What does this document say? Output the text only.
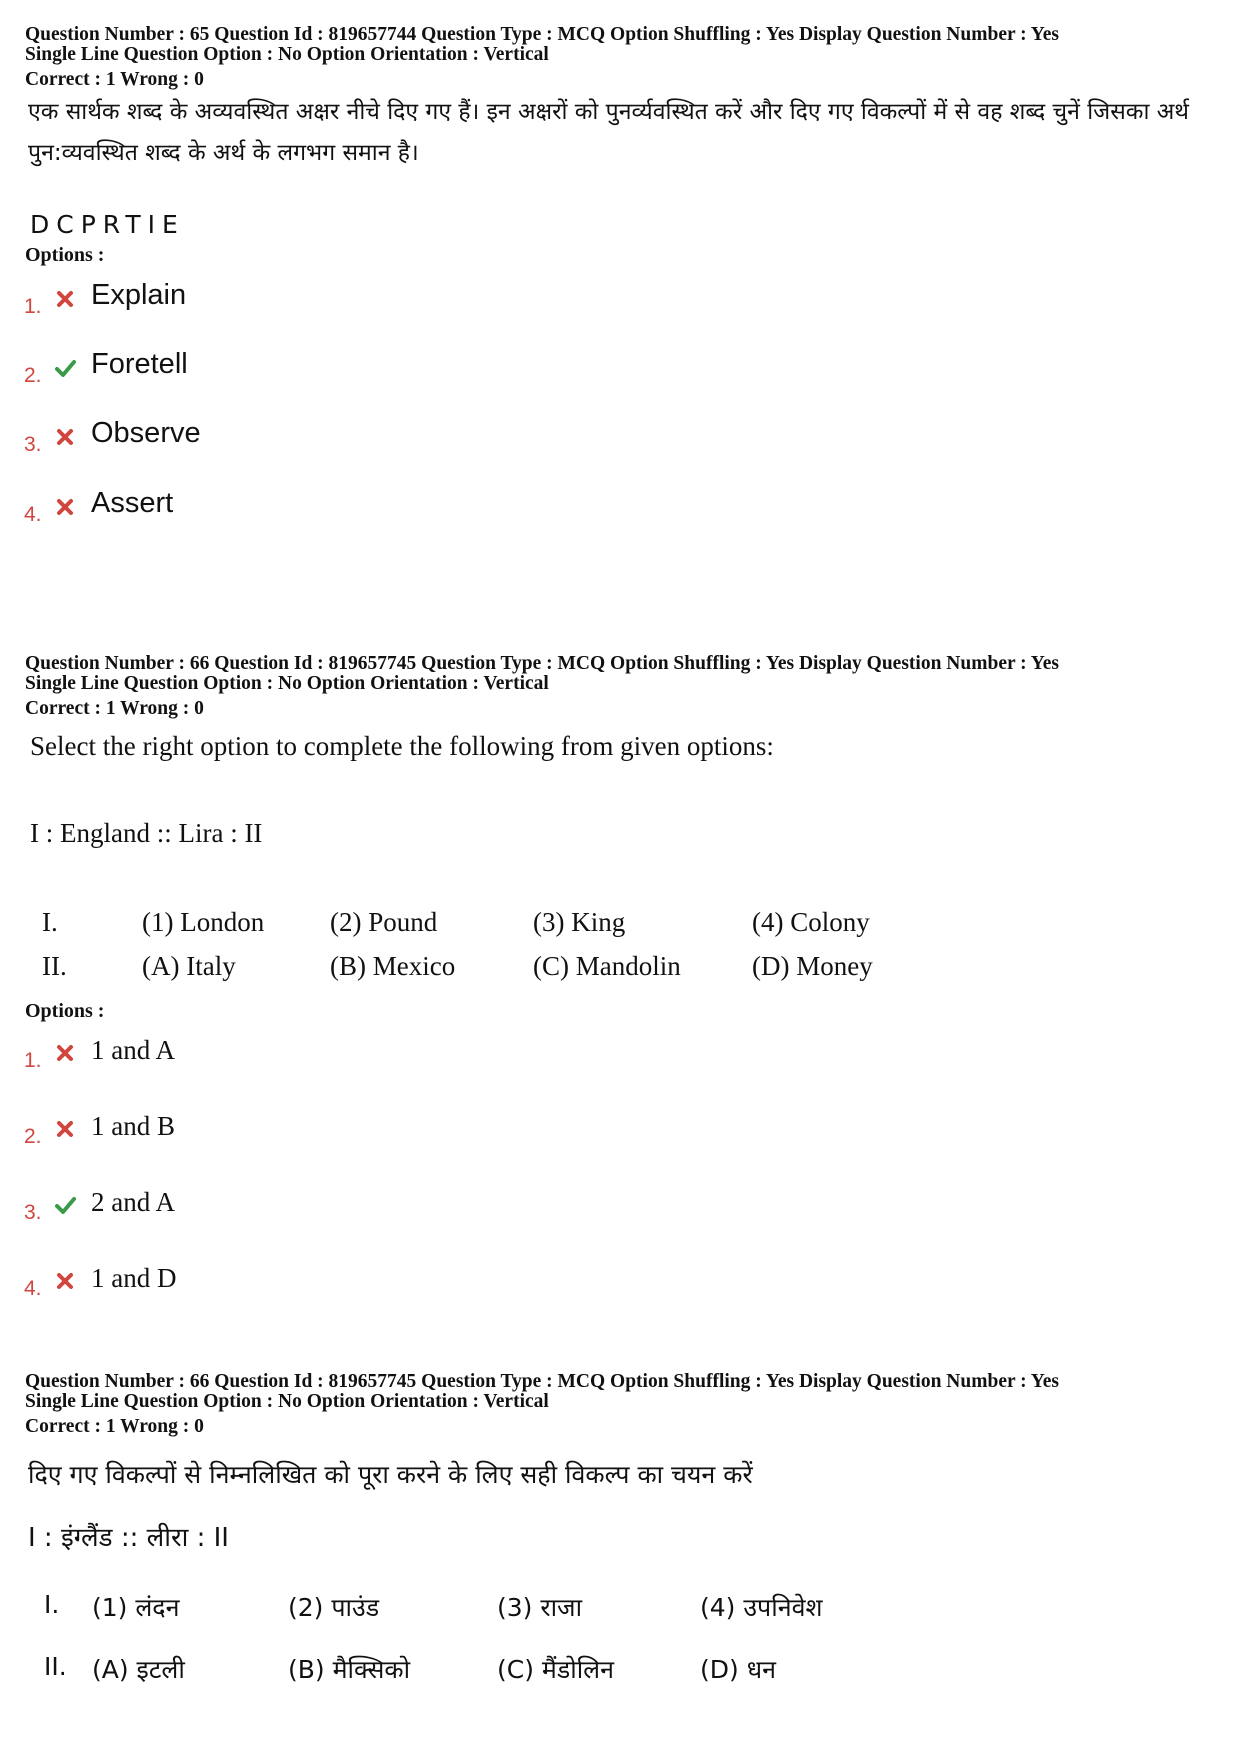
Question Number : 65 Question Id : 819657744 Question Type : MCQ Option Shuffling : Yes Display Question Number : Yes

Single Line Question Option : No Option Orientation : Vertical

Correct : 1 Wrong : 0

एक सार्थक शब्द के अव्यवस्थित अक्षर नीचे दिए गए हैं। इन अक्षरों को पुनर्व्यवस्थित करें और दिए गए विकल्पों में से वह शब्द चुनें जिसका अर्थ पुन:व्यवस्थित शब्द के अर्थ के लगभग समान है।

DCPRTIE

Options :

1. Explain
2. Foretell
3. Observe
4. Assert

Question Number : 66 Question Id : 819657745 Question Type : MCQ Option Shuffling : Yes Display Question Number : Yes

Single Line Question Option : No Option Orientation : Vertical

Correct : 1 Wrong : 0

Select the right option to complete the following from given options:

I : England :: Lira : II

I.	(1) London (2) Pound	(3) King	(4) Colony
II.	(A) Italy	(B) Mexico	(C) Mandolin	(D) Money

Options :

1. 1 and A
2. 1 and B
3. 2 and A
4. 1 and D

Question Number : 66 Question Id : 819657745 Question Type : MCQ Option Shuffling : Yes Display Question Number : Yes

Single Line Question Option : No Option Orientation : Vertical

Correct : 1 Wrong : 0

दिए गए विकल्पों से निम्नलिखित को पूरा करने के लिए सही विकल्प का चयन करें

I : इंग्लैंड :: लीरा : II

I. (1) लंदन	(2) पाउंड	(3) राजा	(4) उपनिवेश
II. (A) इटली	(B) मैक्सिको	(C) मैंडोलिन	(D) धन
